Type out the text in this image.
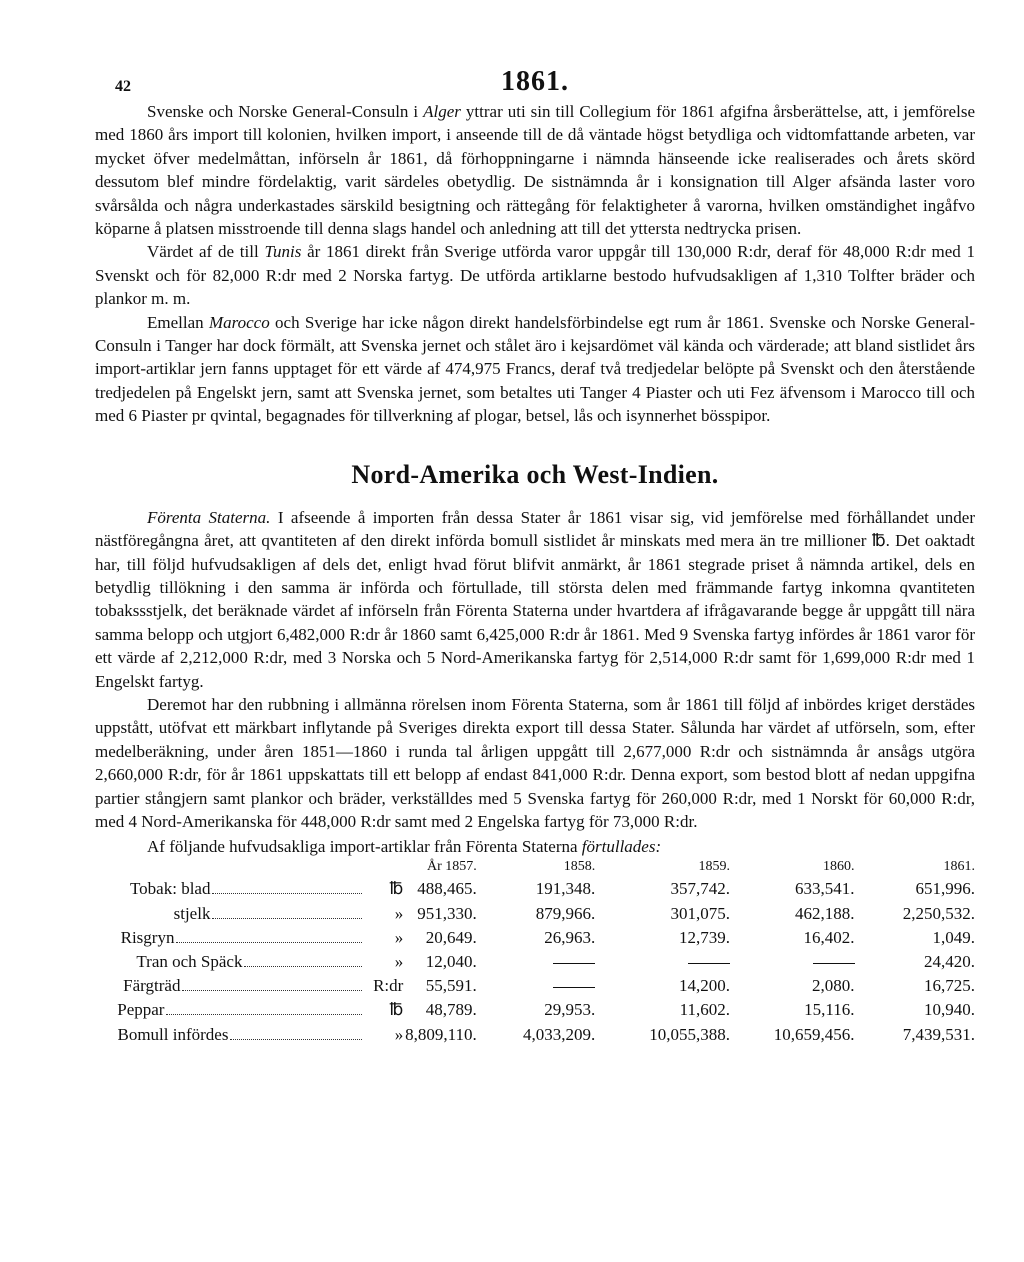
42	1861.

Svenske och Norske General-Consuln i Alger yttrar uti sin till Collegium för 1861 afgifna årsberättelse, att, i jemförelse med 1860 års import till kolonien, hvilken import, i anseende till de då väntade högst betydliga och vidtomfattande arbeten, var mycket öfver medelmåttan, införseln år 1861, då förhoppningarne i nämnda hänseende icke realiserades och årets skörd dessutom blef mindre fördelaktig, varit särdeles obetydlig. De sistnämnda år i konsignation till Alger afsända laster voro svårsålda och några underkastades särskild besigtning och rättegång för felaktigheter å varorna, hvilken omständighet ingåfvo köparne å platsen misstroende till denna slags handel och anledning att till det yttersta nedtrycka prisen.

Värdet af de till Tunis år 1861 direkt från Sverige utförda varor uppgår till 130,000 R:dr, deraf för 48,000 R:dr med 1 Svenskt och för 82,000 R:dr med 2 Norska fartyg. De utförda artiklarne bestodo hufvudsakligen af 1,310 Tolfter bräder och plankor m. m.

Emellan Marocco och Sverige har icke någon direkt handelsförbindelse egt rum år 1861. Svenske och Norske General-Consuln i Tanger har dock förmält, att Svenska jernet och stålet äro i kejsardömet väl kända och värderade; att bland sistlidet års import-artiklar jern fanns upptaget för ett värde af 474,975 Francs, deraf två tredjedelar belöpte på Svenskt och den återstående tredjedelen på Engelskt jern, samt att Svenska jernet, som betaltes uti Tanger 4 Piaster och uti Fez äfvensom i Marocco till och med 6 Piaster pr qvintal, begagnades för tillverkning af plogar, betsel, lås och isynnerhet bösspipor.

Nord-Amerika och West-Indien.

Förenta Staterna. I afseende å importen från dessa Stater år 1861 visar sig, vid jemförelse med förhållandet under nästföregångna året, att qvantiteten af den direkt införda bomull sistlidet år minskats med mera än tre millioner ℔. Det oaktadt har, till följd hufvudsakligen af dels det, enligt hvad förut blifvit anmärkt, år 1861 stegrade priset å nämnda artikel, dels en betydlig tillökning i den samma är införda och förtullade, till största delen med främmande fartyg inkomna qvantiteten tobakssstjelk, det beräknade värdet af införseln från Förenta Staterna under hvartdera af ifrågavarande begge år uppgått till nära samma belopp och utgjort 6,482,000 R:dr år 1860 samt 6,425,000 R:dr år 1861. Med 9 Svenska fartyg infördes år 1861 varor för ett värde af 2,212,000 R:dr, med 3 Norska och 5 Nord-Amerikanska fartyg för 2,514,000 R:dr samt för 1,699,000 R:dr med 1 Engelskt fartyg.

Deremot har den rubbning i allmänna rörelsen inom Förenta Staterna, som år 1861 till följd af inbördes kriget derstädes uppstått, utöfvat ett märkbart inflytande på Sveriges direkta export till dessa Stater. Sålunda har värdet af utförseln, som, efter medelberäkning, under åren 1851—1860 i runda tal årligen uppgått till 2,677,000 R:dr och sistnämnda år ansågs utgöra 2,660,000 R:dr, för år 1861 uppskattats till ett belopp af endast 841,000 R:dr. Denna export, som bestod blott af nedan uppgifna partier stångjern samt plankor och bräder, verkställdes med 5 Svenska fartyg för 260,000 R:dr, med 1 Norskt för 60,000 R:dr, med 4 Nord-Amerikanska för 448,000 R:dr samt med 2 Engelska fartyg för 73,000 R:dr.

Af följande hufvudsakliga import-artiklar från Förenta Staterna förtullades:
		År 1857.	1858.	1859.	1860.	1861.
Tobak: blad	℔	488,465.	191,348.	357,742.	633,541.	651,996.
stjelk	»	951,330.	879,966.	301,075.	462,188.	2,250,532.
Risgryn	»	20,649.	26,963.	12,739.	16,402.	1,049.
Tran och Späck	»	12,040.				24,420.
Färgträd	R:dr	55,591.		14,200.	2,080.	16,725.
Peppar	℔	48,789.	29,953.	11,602.	15,116.	10,940.
Bomull infördes	»	8,809,110.	4,033,209.	10,055,388.	10,659,456.	7,439,531.
